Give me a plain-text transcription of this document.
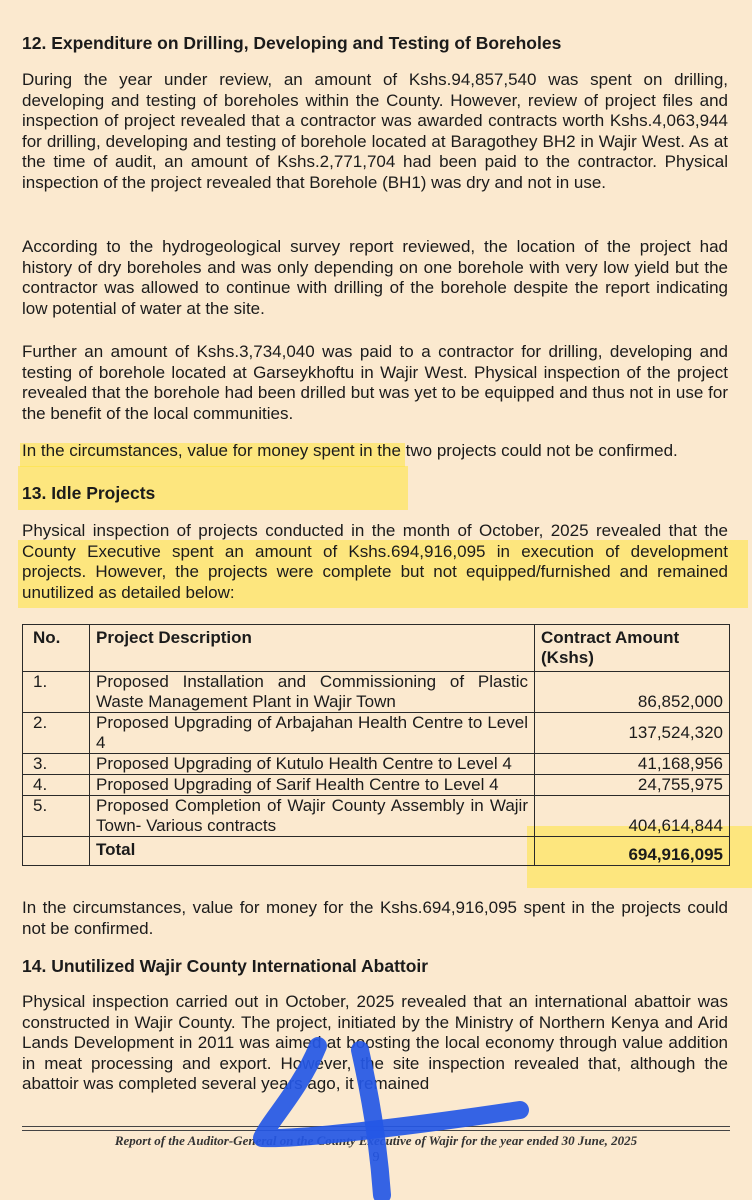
12. Expenditure on Drilling, Developing and Testing of Boreholes

During the year under review, an amount of Kshs.94,857,540 was spent on drilling, developing and testing of boreholes within the County. However, review of project files and inspection of project revealed that a contractor was awarded contracts worth Kshs.4,063,944 for drilling, developing and testing of borehole located at Baragothey BH2 in Wajir West. As at the time of audit, an amount of Kshs.2,771,704 had been paid to the contractor. Physical inspection of the project revealed that Borehole (BH1) was dry and not in use.

According to the hydrogeological survey report reviewed, the location of the project had history of dry boreholes and was only depending on one borehole with very low yield but the contractor was allowed to continue with drilling of the borehole despite the report indicating low potential of water at the site.

Further an amount of Kshs.3,734,040 was paid to a contractor for drilling, developing and testing of borehole located at Garseykhoftu in Wajir West. Physical inspection of the project revealed that the borehole had been drilled but was yet to be equipped and thus not in use for the benefit of the local communities.

In the circumstances, value for money spent in the two projects could not be confirmed.

13. Idle Projects

Physical inspection of projects conducted in the month of October, 2025 revealed that the County Executive spent an amount of Kshs.694,916,095 in execution of development projects. However, the projects were complete but not equipped/furnished and remained unutilized as detailed below:

No.	Project Description	Contract Amount (Kshs)
1.	Proposed Installation and Commissioning of Plastic Waste Management Plant in Wajir Town	86,852,000
2.	Proposed Upgrading of Arbajahan Health Centre to Level 4	137,524,320
3.	Proposed Upgrading of Kutulo Health Centre to Level 4	41,168,956
4.	Proposed Upgrading of Sarif Health Centre to Level 4	24,755,975
5.	Proposed Completion of Wajir County Assembly in Wajir Town- Various contracts	404,614,844
	Total	694,916,095

In the circumstances, value for money for the Kshs.694,916,095 spent in the projects could not be confirmed.

14. Unutilized Wajir County International Abattoir

Physical inspection carried out in October, 2025 revealed that an international abattoir was constructed in Wajir County. The project, initiated by the Ministry of Northern Kenya and Arid Lands Development in 2011 was aimed at boosting the local economy through value addition in meat processing and export. However, the site inspection revealed that, although the abattoir was completed several years ago, it remained

Report of the Auditor-General on the County Executive of Wajir for the year ended 30 June, 2025
9
